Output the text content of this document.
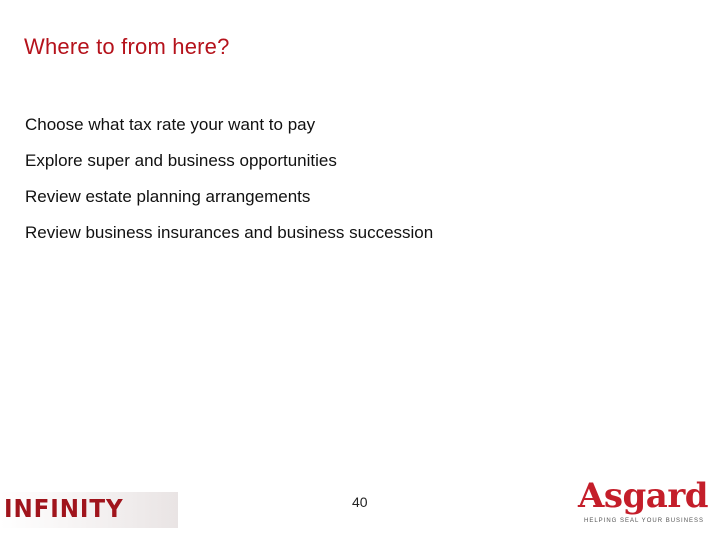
Where to from here?
Choose what tax rate your want to pay
Explore super and business opportunities
Review estate planning arrangements
Review business insurances and business succession
INFINITY	40	Asgard
HELPING SEAL YOUR BUSINESS
